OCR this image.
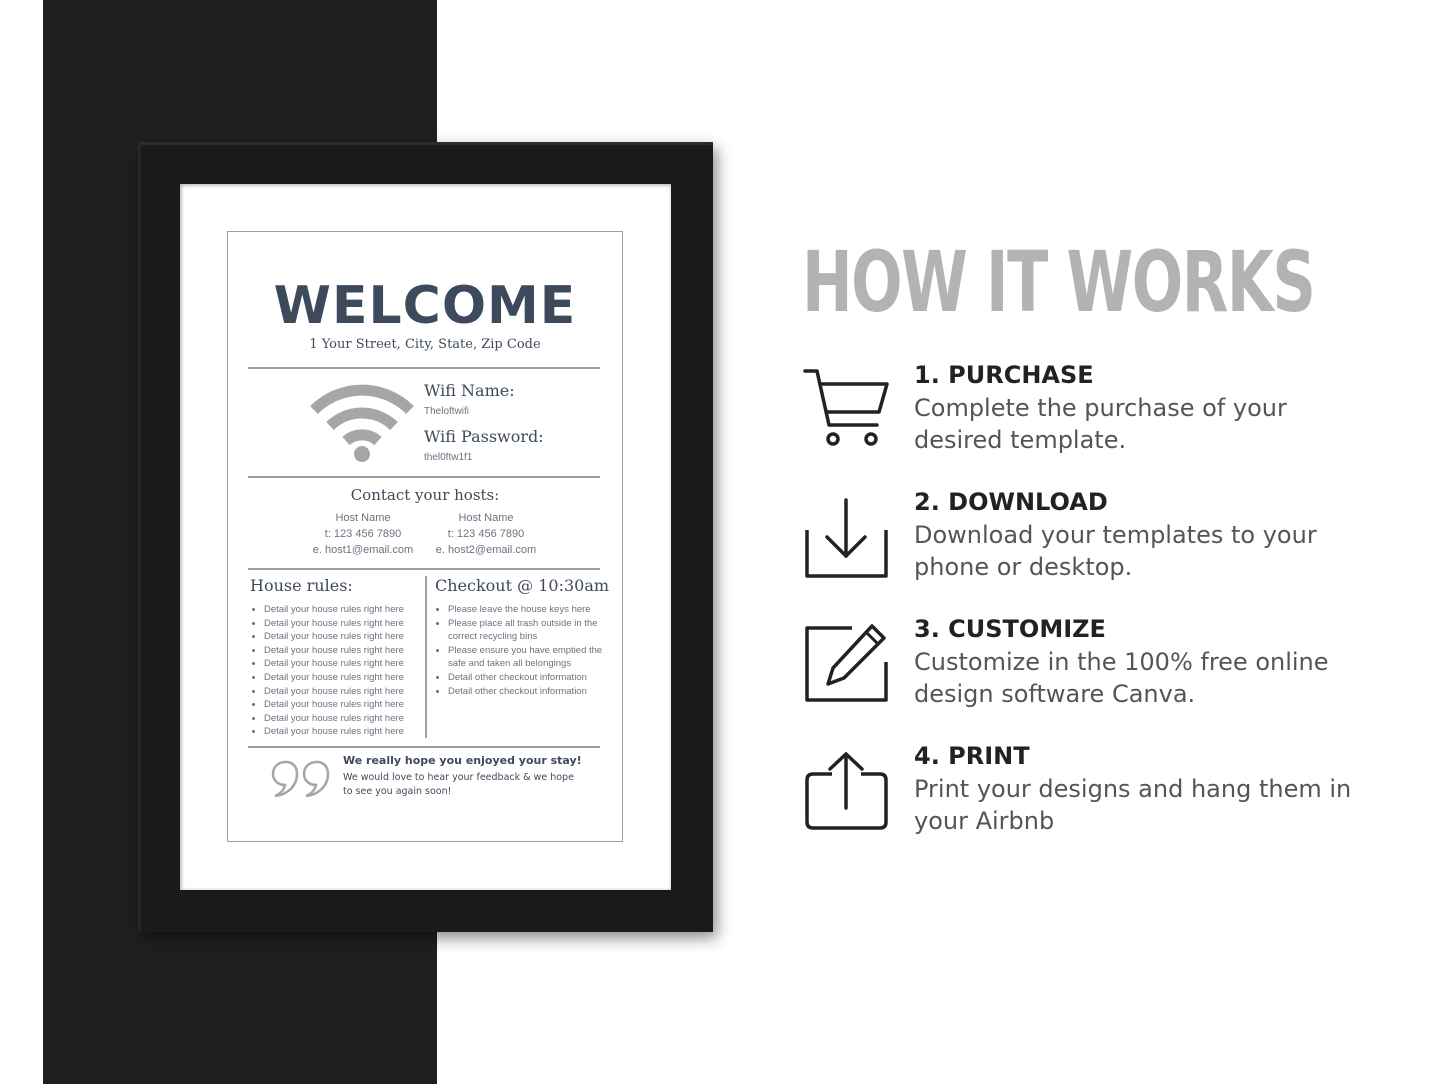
WELCOME
1 Your Street, City, State, Zip Code
Wifi Name:
Theloftwifi
Wifi Password:
thel0ftw1f1
Contact your hosts:
Host Name
t: 123 456 7890
e. host1@email.com
Host Name
t: 123 456 7890
e. host2@email.com
House rules:	Checkout @ 10:30am
• Detail your house rules right here
• Detail your house rules right here
• Detail your house rules right here
• Detail your house rules right here
• Detail your house rules right here
• Detail your house rules right here
• Detail your house rules right here
• Detail your house rules right here
• Detail your house rules right here
• Detail your house rules right here
• Please leave the house keys here
• Please place all trash outside in the correct recycling bins
• Please ensure you have emptied the safe and taken all belongings
• Detail other checkout information
• Detail other checkout information
We really hope you enjoyed your stay!
We would love to hear your feedback & we hope to see you again soon!
HOW IT WORKS
1. PURCHASE
Complete the purchase of your desired template.
2. DOWNLOAD
Download your templates to your phone or desktop.
3. CUSTOMIZE
Customize in the 100% free online design software Canva.
4. PRINT
Print your designs and hang them in your Airbnb
